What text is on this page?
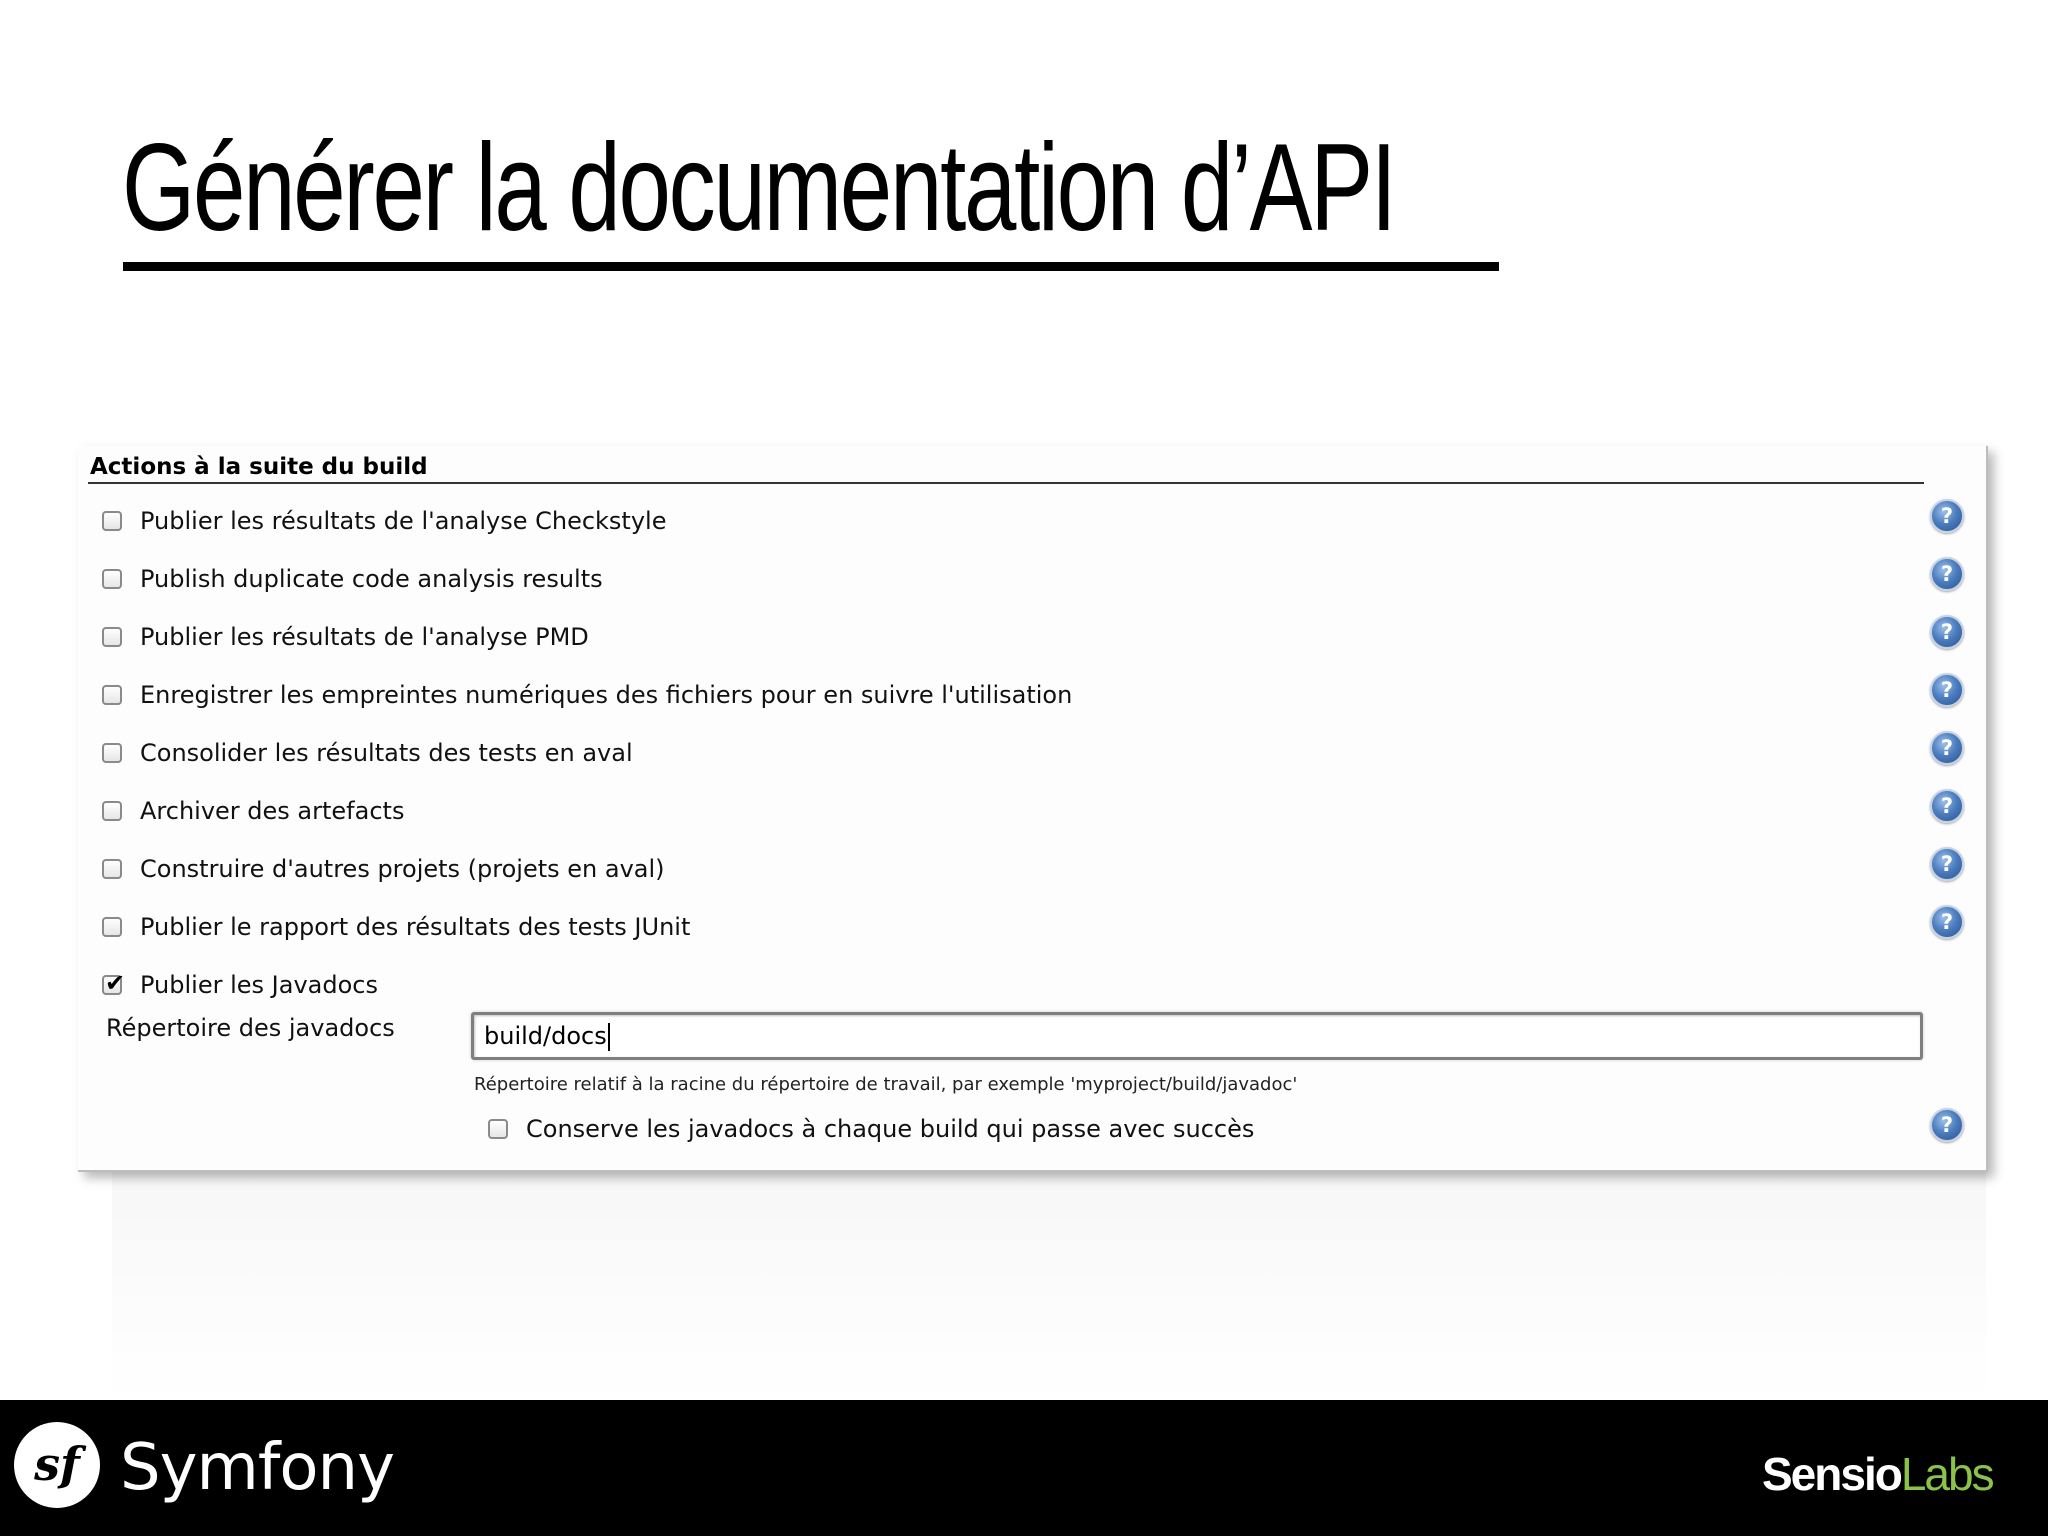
Générer la documentation d’API
Actions à la suite du build
Publier les résultats de l'analyse Checkstyle
Publish duplicate code analysis results
Publier les résultats de l'analyse PMD
Enregistrer les empreintes numériques des fichiers pour en suivre l'utilisation
Consolider les résultats des tests en aval
Archiver des artefacts
Construire d'autres projets (projets en aval)
Publier le rapport des résultats des tests JUnit
✔
Publier les Javadocs
?
?
?
?
?
?
?
?
?
Répertoire des javadocs	build/docs
Répertoire relatif à la racine du répertoire de travail, par exemple 'myproject/build/javadoc'
Conserve les javadocs à chaque build qui passe avec succès
sf Symfony	SensioLabs
